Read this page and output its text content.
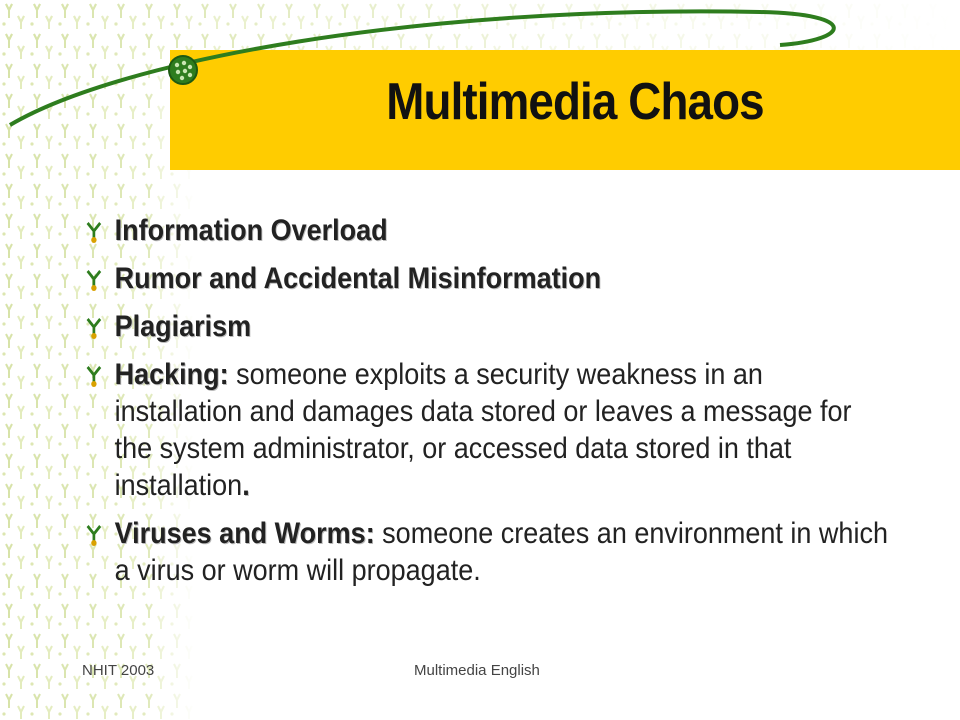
Multimedia Chaos
Information Overload
Rumor and Accidental Misinformation
Plagiarism
Hacking: someone exploits a security weakness in an installation and damages data stored or leaves a message for the system administrator, or accessed data stored in that installation.
Viruses and Worms: someone creates an environment in which a virus or worm will propagate.
NHIT 2003	Multimedia English
